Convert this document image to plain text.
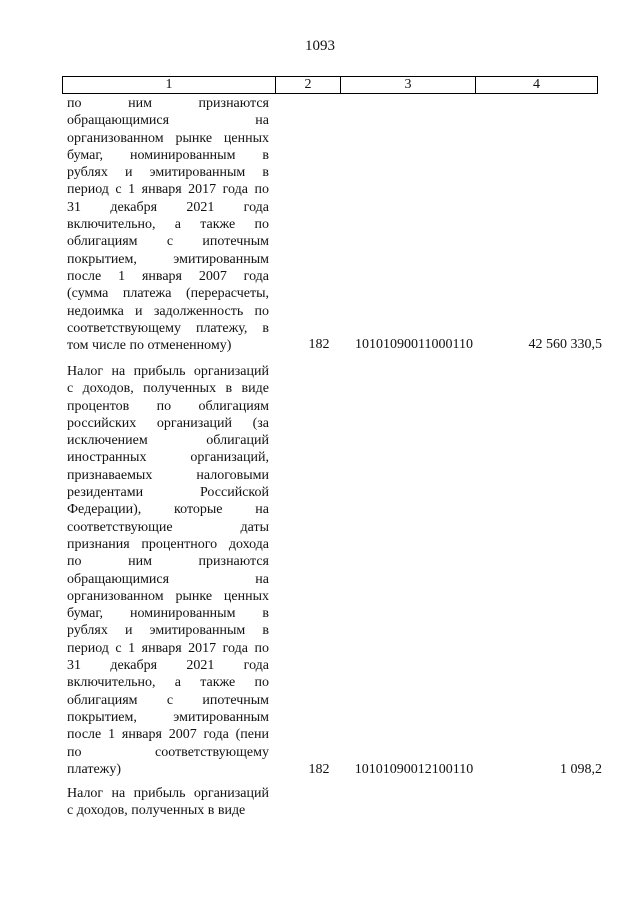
1093
1	2	3	4
по ним признаются
обращающимися на
организованном рынке ценных
бумаг, номинированным в
рублях и эмитированным в
период с 1 января 2017 года по
31 декабря 2021 года
включительно, а также по
облигациям с ипотечным
покрытием, эмитированным
после 1 января 2007 года
(сумма платежа (перерасчеты,
недоимка и задолженность по
соответствующему платежу, в
том числе по отмененному)	182	10101090011000110	42 560 330,5
Налог на прибыль организаций
с доходов, полученных в виде
процентов по облигациям
российских организаций (за
исключением облигаций
иностранных организаций,
признаваемых налоговыми
резидентами Российской
Федерации), которые на
соответствующие даты
признания процентного дохода
по ним признаются
обращающимися на
организованном рынке ценных
бумаг, номинированным в
рублях и эмитированным в
период с 1 января 2017 года по
31 декабря 2021 года
включительно, а также по
облигациям с ипотечным
покрытием, эмитированным
после 1 января 2007 года (пени
по соответствующему
платежу)	182	10101090012100110	1 098,2
Налог на прибыль организаций
с доходов, полученных в виде
